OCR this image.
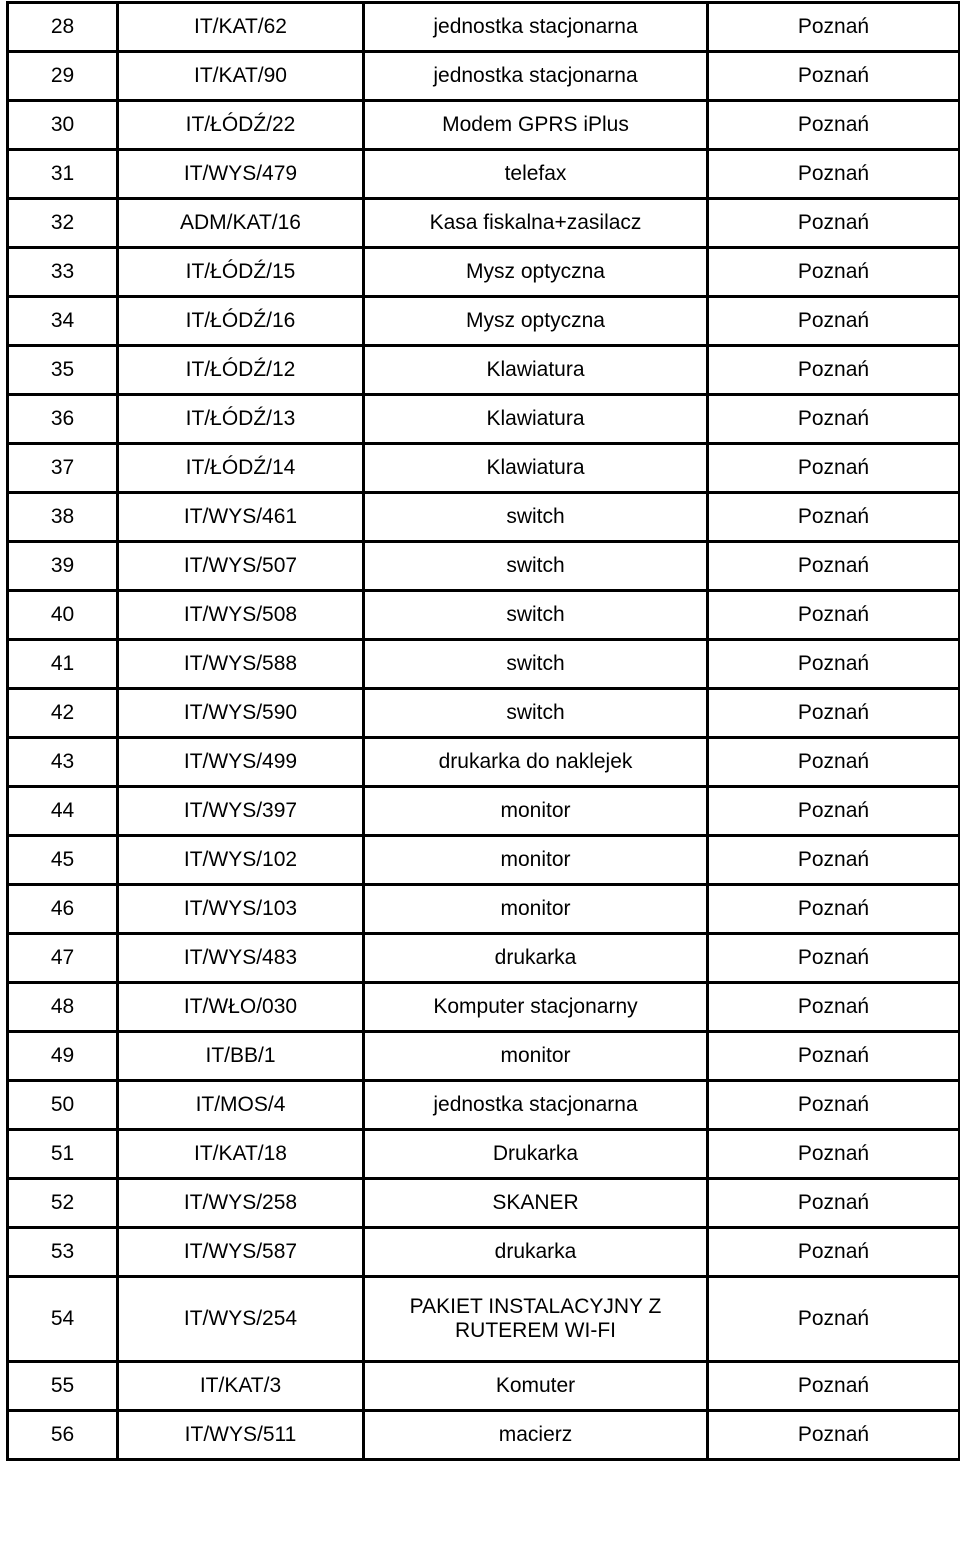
28	IT/KAT/62	jednostka stacjonarna	Poznań
29	IT/KAT/90	jednostka stacjonarna	Poznań
30	IT/ŁÓDŹ/22	Modem GPRS iPlus	Poznań
31	IT/WYS/479	telefax	Poznań
32	ADM/KAT/16	Kasa fiskalna+zasilacz	Poznań
33	IT/ŁÓDŹ/15	Mysz optyczna	Poznań
34	IT/ŁÓDŹ/16	Mysz optyczna	Poznań
35	IT/ŁÓDŹ/12	Klawiatura	Poznań
36	IT/ŁÓDŹ/13	Klawiatura	Poznań
37	IT/ŁÓDŹ/14	Klawiatura	Poznań
38	IT/WYS/461	switch	Poznań
39	IT/WYS/507	switch	Poznań
40	IT/WYS/508	switch	Poznań
41	IT/WYS/588	switch	Poznań
42	IT/WYS/590	switch	Poznań
43	IT/WYS/499	drukarka do naklejek	Poznań
44	IT/WYS/397	monitor	Poznań
45	IT/WYS/102	monitor	Poznań
46	IT/WYS/103	monitor	Poznań
47	IT/WYS/483	drukarka	Poznań
48	IT/WŁO/030	Komputer stacjonarny	Poznań
49	IT/BB/1	monitor	Poznań
50	IT/MOS/4	jednostka stacjonarna	Poznań
51	IT/KAT/18	Drukarka	Poznań
52	IT/WYS/258	SKANER	Poznań
53	IT/WYS/587	drukarka	Poznań
54	IT/WYS/254	PAKIET INSTALACYJNY Z RUTEREM WI-FI	Poznań
55	IT/KAT/3	Komuter	Poznań
56	IT/WYS/511	macierz	Poznań
